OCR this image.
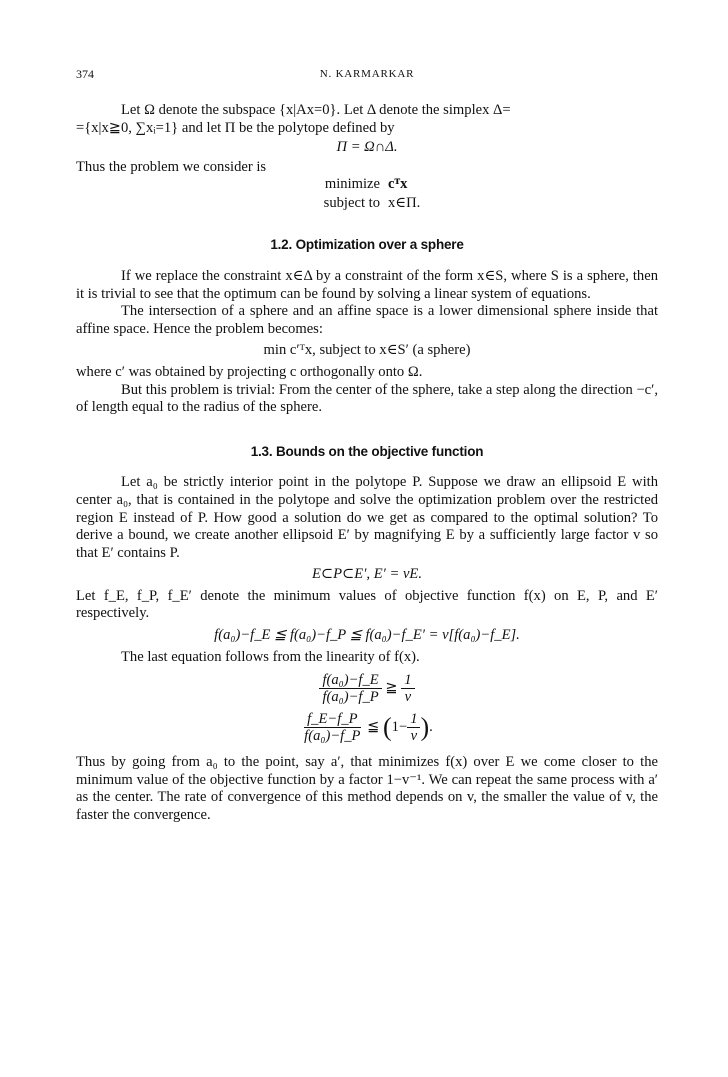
374	N. KARMARKAR

Let Ω denote the subspace {x|Ax=0}. Let Δ denote the simplex Δ=

={x|x≧0, ∑xᵢ=1} and let Π be the polytope defined by

Π = Ω∩Δ.

Thus the problem we consider is

minimize cᵀx
subject to x∈Π.

1.2. Optimization over a sphere

If we replace the constraint x∈Δ by a constraint of the form x∈S, where S is a sphere, then it is trivial to see that the optimum can be found by solving a linear system of equations.

The intersection of a sphere and an affine space is a lower dimensional sphere inside that affine space. Hence the problem becomes:

min c′ᵀx, subject to x∈S′ (a sphere)

where c′ was obtained by projecting c orthogonally onto Ω.

But this problem is trivial: From the center of the sphere, take a step along the direction −c′, of length equal to the radius of the sphere.

1.3. Bounds on the objective function

Let a₀ be strictly interior point in the polytope P. Suppose we draw an ellipsoid E with center a₀, that is contained in the polytope and solve the optimization problem over the restricted region E instead of P. How good a solution do we get as compared to the optimal solution? To derive a bound, we create another ellipsoid E′ by magnifying E by a sufficiently large factor v so that E′ contains P.

E⊂P⊂E′, E′ = vE.

Let f_E, f_P, f_E′ denote the minimum values of objective function f(x) on E, P, and E′ respectively.

f(a₀)−f_E ≦ f(a₀)−f_P ≦ f(a₀)−f_E′ = v[f(a₀)−f_E].

The last equation follows from the linearity of f(x).

$\frac{\text{f(a₀)−f\_E}}{\text{f(a₀)−f\_P}}$ ≧ $\frac{1}{v}$
$\frac{f\_E-f\_P}{\text{f(a₀)−f\_P}}$ ≦ ($1- \frac{1}{v}$ ).

Thus by going from a₀ to the point, say a′, that minimizes f(x) over E we come closer to the minimum value of the objective function by a factor 1−v⁻¹. We can repeat the same process with a′ as the center. The rate of convergence of this method depends on v, the smaller the value of v, the faster the convergence.
